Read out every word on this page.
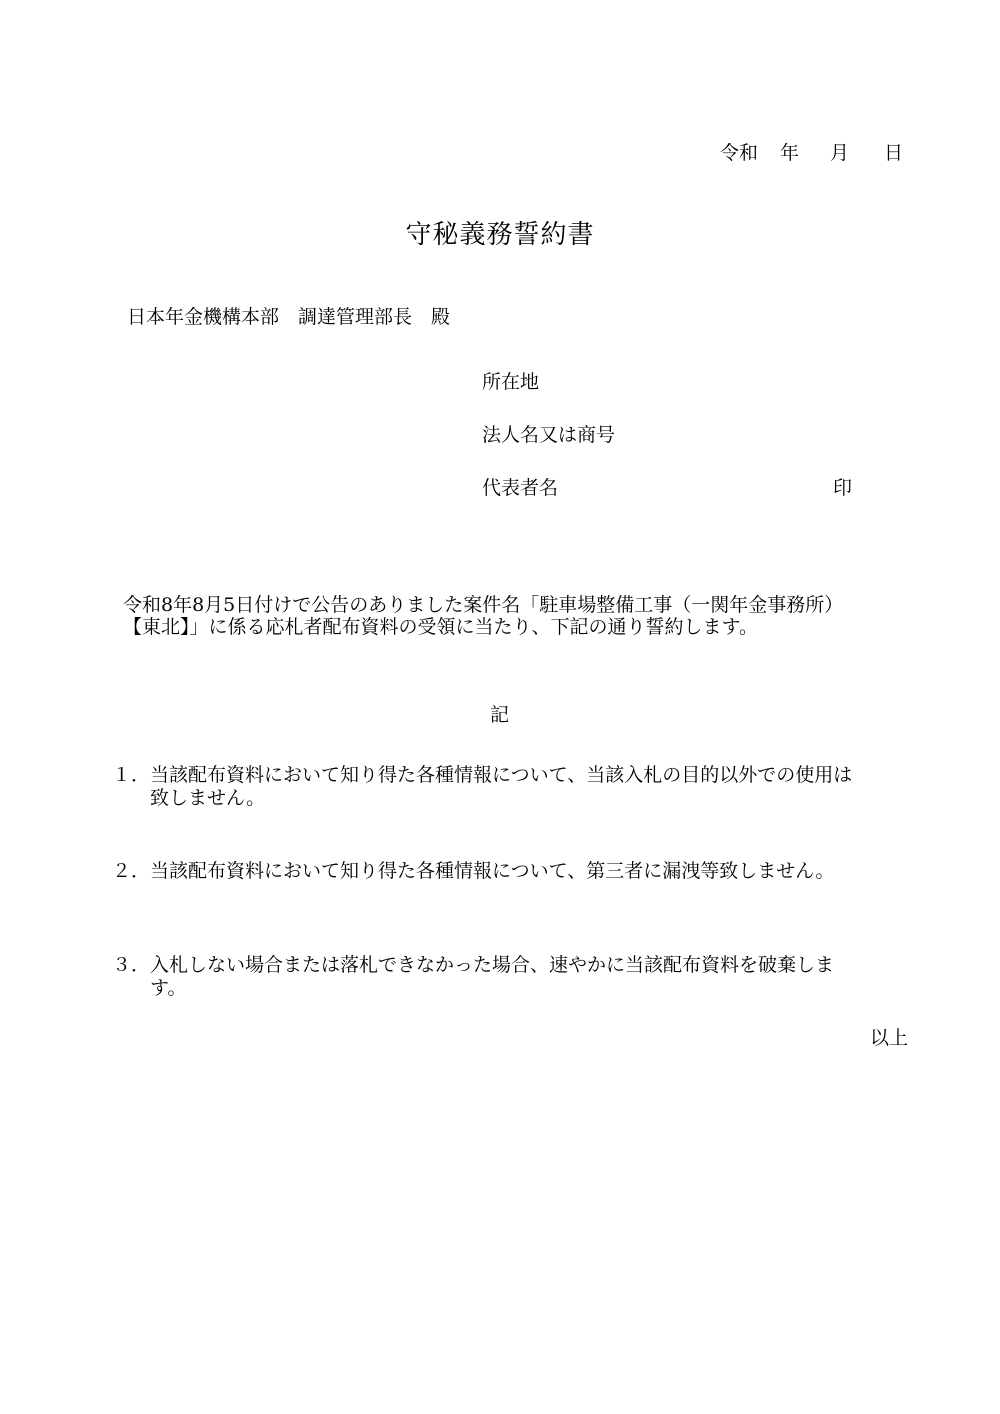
令和 年 月 日
守秘義務誓約書
日本年金機構本部　調達管理部長　殿
所在地
法人名又は商号
代表者名	印
令和8年8月5日付けで公告のありました案件名「駐車場整備工事（一関年金事務所）
【東北】」に係る応札者配布資料の受領に当たり、下記の通り誓約します。
記
１． 当該配布資料において知り得た各種情報について、当該入札の目的以外での使用は
致しません。
２． 当該配布資料において知り得た各種情報について、第三者に漏洩等致しません。
３． 入札しない場合または落札できなかった場合、速やかに当該配布資料を破棄しま
す。
以上
